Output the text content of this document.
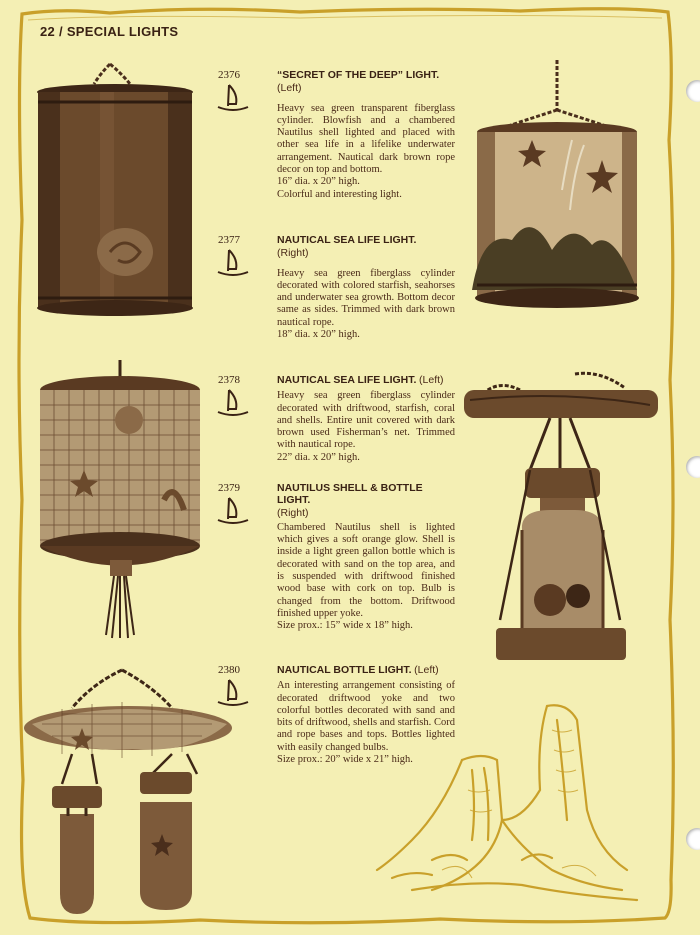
22 / SPECIAL LIGHTS
2376
2377
2378
2379
2380
“SECRET OF THE DEEP” LIGHT.
(Left)

Heavy sea green transparent fiberglass cylinder. Blowfish and a chambered Nautilus shell lighted and placed with other sea life in a lifelike underwater arrangement. Nautical dark brown rope decor on top and bottom.

16” dia. x 20” high.

Colorful and interesting light.

NAUTICAL SEA LIFE LIGHT.
(Right)

Heavy sea green fiberglass cylinder decorated with colored starfish, seahorses and underwater sea growth. Bottom decor same as sides. Trimmed with dark brown nautical rope.

18” dia. x 20” high.

NAUTICAL SEA LIFE LIGHT. (Left)

Heavy sea green fiberglass cylinder decorated with driftwood, starfish, coral and shells. Entire unit covered with dark brown used Fisherman’s net. Trimmed with nautical rope.

22” dia. x 20” high.

NAUTILUS SHELL & BOTTLE LIGHT.
(Right)

Chambered Nautilus shell is lighted which gives a soft orange glow. Shell is inside a light green gallon bottle which is decorated with sand on the top area, and is suspended with driftwood finished wood base with cork on top. Bulb is changed from the bottom. Driftwood finished upper yoke.

Size prox.: 15” wide x 18” high.

NAUTICAL BOTTLE LIGHT. (Left)

An interesting arrangement consisting of decorated driftwood yoke and two colorful bottles decorated with sand and bits of driftwood, shells and starfish. Cord and rope bases and tops. Bottles lighted with easily changed bulbs.

Size prox.: 20” wide x 21” high.
